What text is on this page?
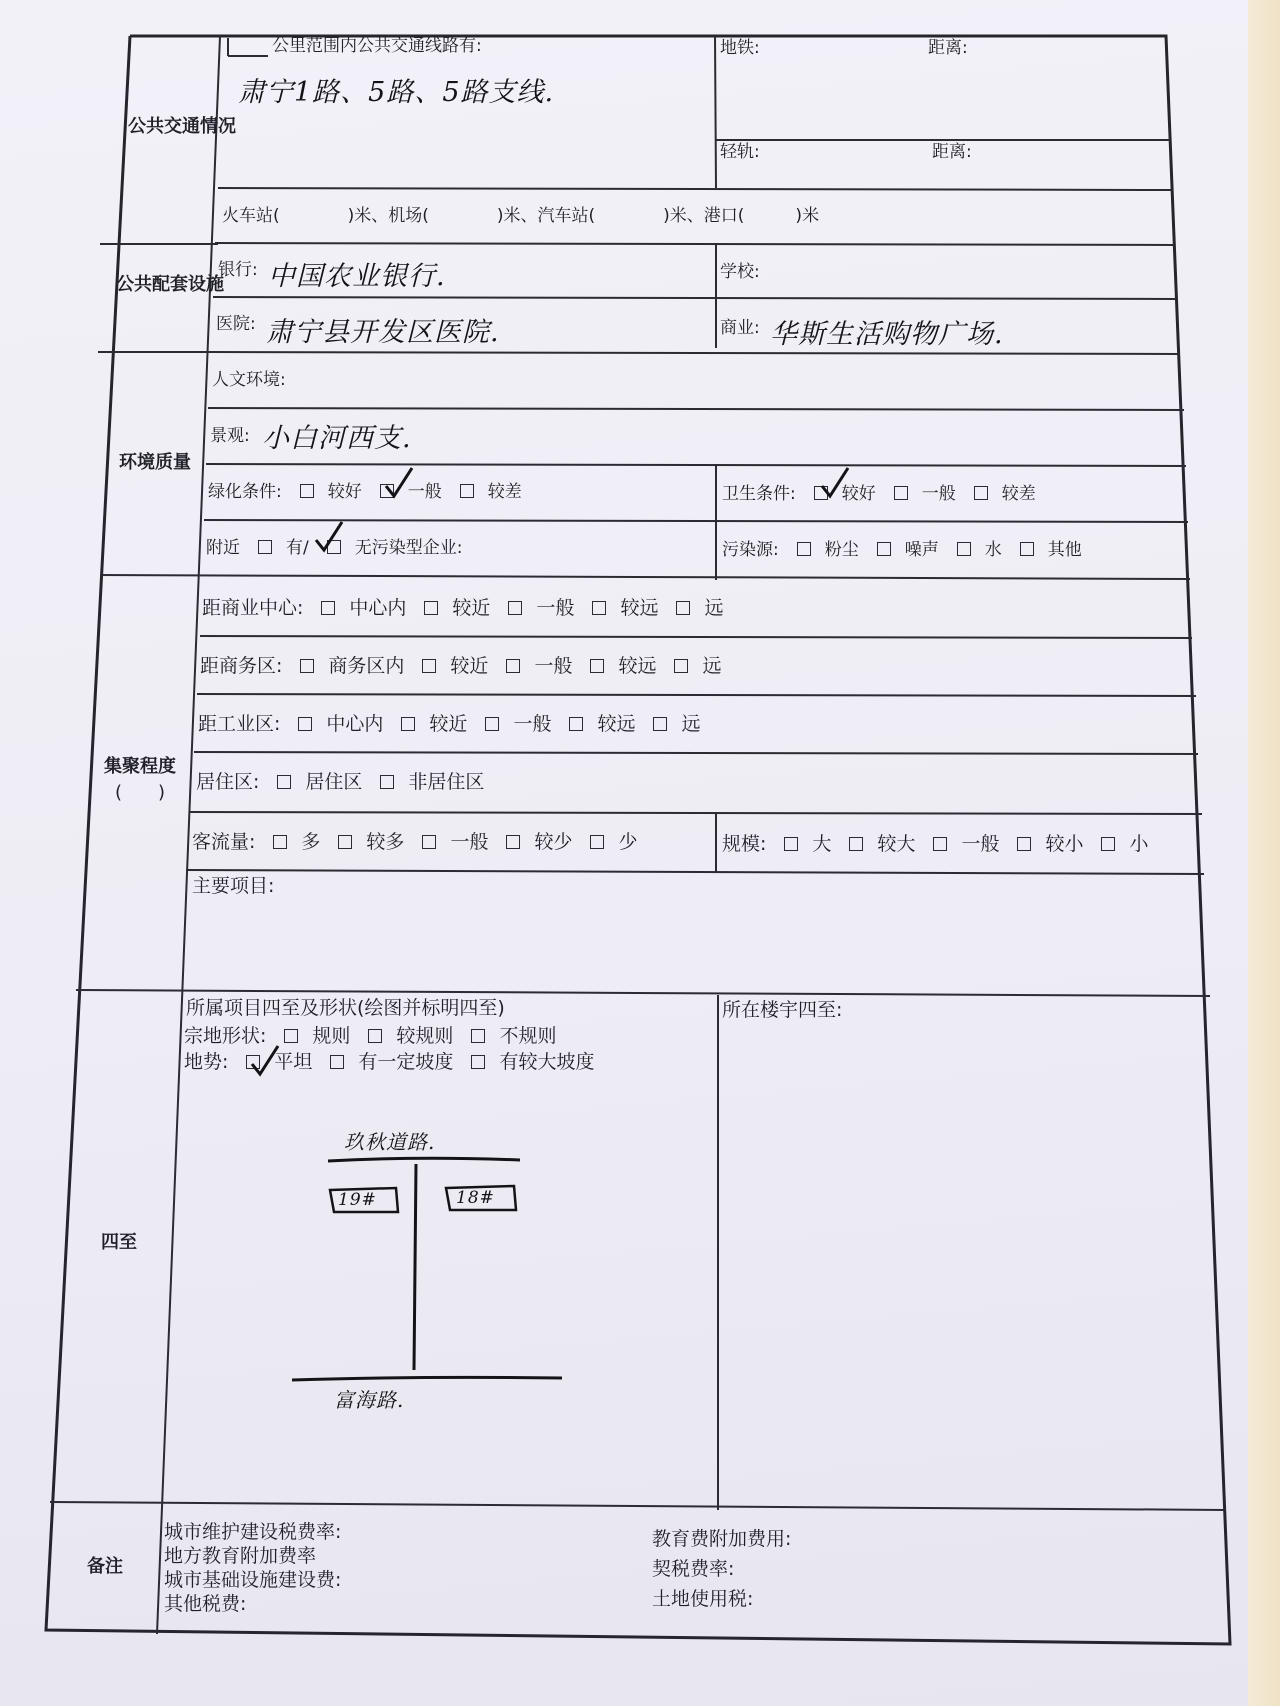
公共交通情况
公里范围内公共交通线路有:
肃宁1路、5路、5路支线.
地铁:	距离:
轻轨:	距离:
火车站(　　　　)米、机场(　　　　)米、汽车站(　　　　)米、港口(　　　)米
公共配套设施
银行: 中国农业银行.	学校:
医院: 肃宁县开发区医院.	商业: 华斯生活购物广场.
环境质量
人文环境:
景观: 小白河西支.
绿化条件:	较好	一般	较差	卫生条件:	较好	一般	较差
附近	有/	无污染型企业:	污染源:	粉尘	噪声	水	其他
集聚程度
(　　)
距商业中心: 中心内 较近 一般 较远 远
距商务区: 商务区内 较近 一般 较远 远
距工业区: 中心内 较近 一般 较远 远
居住区: 居住区 非居住区
客流量: 多 较多 一般 较少 少	规模: 大 较大 一般 较小 小
主要项目:
四至
所属项目四至及形状(绘图并标明四至)
宗地形状: 规则 较规则 不规则
地势: 平坦 有一定坡度 有较大坡度
所在楼宇四至:
玖秋道路.
19#	18#
富海路.
备注
城市维护建设税费率:
地方教育附加费率
城市基础设施建设费:
其他税费:
教育费附加费用:
契税费率:
土地使用税:
